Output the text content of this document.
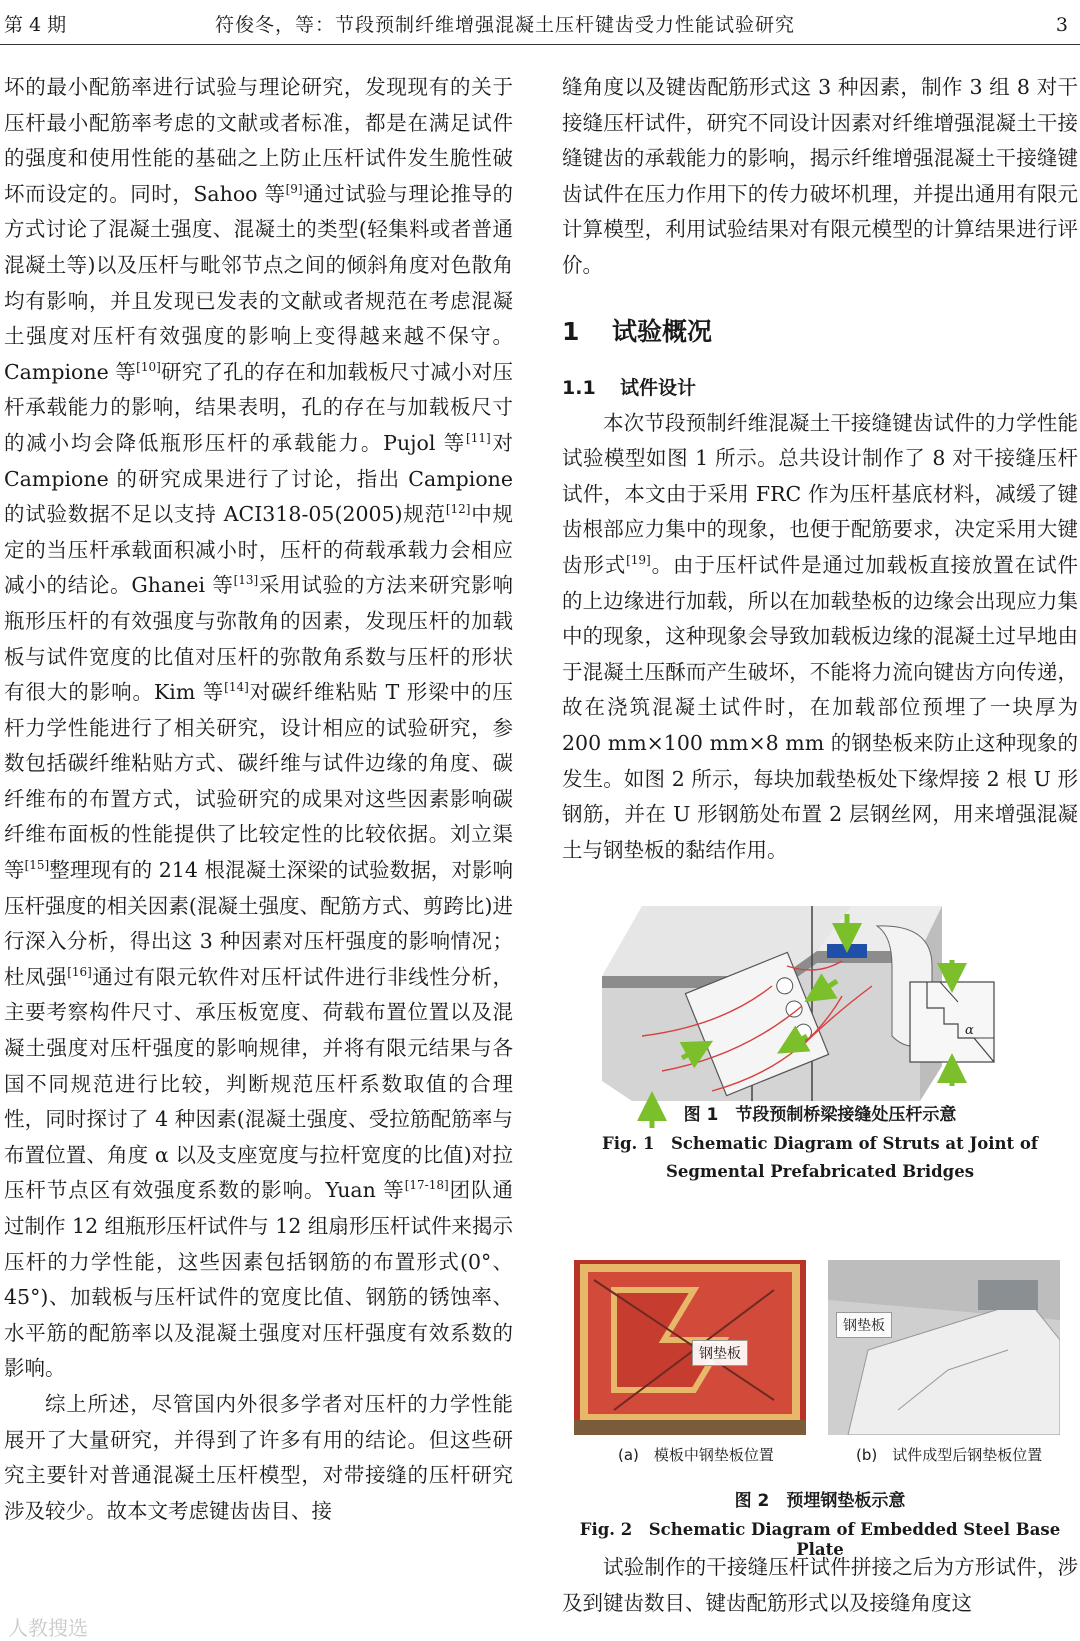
第 4 期	符俊冬，等：节段预制纤维增强混凝土压杆键齿受力性能试验研究	3

坏的最小配筋率进行试验与理论研究，发现现有的关于压杆最小配筋率考虑的文献或者标准，都是在满足试件的强度和使用性能的基础之上防止压杆试件发生脆性破坏而设定的。同时，Sahoo 等[9]通过试验与理论推导的方式讨论了混凝土强度、混凝土的类型(轻集料或者普通混凝土等)以及压杆与毗邻节点之间的倾斜角度对色散角均有影响，并且发现已发表的文献或者规范在考虑混凝土强度对压杆有效强度的影响上变得越来越不保守。Campione 等[10]研究了孔的存在和加载板尺寸减小对压杆承载能力的影响，结果表明，孔的存在与加载板尺寸的减小均会降低瓶形压杆的承载能力。Pujol 等[11]对 Campione 的研究成果进行了讨论，指出 Campione 的试验数据不足以支持 ACI318-05(2005)规范[12]中规定的当压杆承载面积减小时，压杆的荷载承载力会相应减小的结论。Ghanei 等[13]采用试验的方法来研究影响瓶形压杆的有效强度与弥散角的因素，发现压杆的加载板与试件宽度的比值对压杆的弥散角系数与压杆的形状有很大的影响。Kim 等[14]对碳纤维粘贴 T 形梁中的压杆力学性能进行了相关研究，设计相应的试验研究，参数包括碳纤维粘贴方式、碳纤维与试件边缘的角度、碳纤维布的布置方式，试验研究的成果对这些因素影响碳纤维布面板的性能提供了比较定性的比较依据。刘立渠等[15]整理现有的 214 根混凝土深梁的试验数据，对影响压杆强度的相关因素(混凝土强度、配筋方式、剪跨比)进行深入分析，得出这 3 种因素对压杆强度的影响情况；杜凤强[16]通过有限元软件对压杆试件进行非线性分析，主要考察构件尺寸、承压板宽度、荷载布置位置以及混凝土强度对压杆强度的影响规律，并将有限元结果与各国不同规范进行比较，判断规范压杆系数取值的合理性，同时探讨了 4 种因素(混凝土强度、受拉筋配筋率与布置位置、角度 α 以及支座宽度与拉杆宽度的比值)对拉压杆节点区有效强度系数的影响。Yuan 等[17-18]团队通过制作 12 组瓶形压杆试件与 12 组扇形压杆试件来揭示压杆的力学性能，这些因素包括钢筋的布置形式(0°、45°)、加载板与压杆试件的宽度比值、钢筋的锈蚀率、水平筋的配筋率以及混凝土强度对压杆强度有效系数的影响。

综上所述，尽管国内外很多学者对压杆的力学性能展开了大量研究，并得到了许多有用的结论。但这些研究主要针对普通混凝土压杆模型，对带接缝的压杆研究涉及较少。故本文考虑键齿齿目、接

缝角度以及键齿配筋形式这 3 种因素，制作 3 组 8 对干接缝压杆试件，研究不同设计因素对纤维增强混凝土干接缝键齿的承载能力的影响，揭示纤维增强混凝土干接缝键齿试件在压力作用下的传力破坏机理，并提出通用有限元计算模型，利用试验结果对有限元模型的计算结果进行评价。

1 试验概况
1.1 试件设计

本次节段预制纤维混凝土干接缝键齿试件的力学性能试验模型如图 1 所示。总共设计制作了 8 对干接缝压杆试件，本文由于采用 FRC 作为压杆基底材料，减缓了键齿根部应力集中的现象，也便于配筋要求，决定采用大键齿形式[19]。由于压杆试件是通过加载板直接放置在试件的上边缘进行加载，所以在加载垫板的边缘会出现应力集中的现象，这种现象会导致加载板边缘的混凝土过早地由于混凝土压酥而产生破坏，不能将力流向键齿方向传递，故在浇筑混凝土试件时，在加载部位预埋了一块厚为 200 mm×100 mm×8 mm 的钢垫板来防止这种现象的发生。如图 2 所示，每块加载垫板处下缘焊接 2 根 U 形钢筋，并在 U 形钢筋处布置 2 层钢丝网，用来增强混凝土与钢垫板的黏结作用。

α
图 1　节段预制桥梁接缝处压杆示意
Fig. 1　Schematic Diagram of Struts at Joint of
Segmental Prefabricated Bridges
钢垫板
钢垫板
(a)　模板中钢垫板位置	(b)　试件成型后钢垫板位置
图 2　预埋钢垫板示意
Fig. 2　Schematic Diagram of Embedded Steel Base Plate

试验制作的干接缝压杆试件拼接之后为方形试件，涉及到键齿数目、键齿配筋形式以及接缝角度这

人教搜选
